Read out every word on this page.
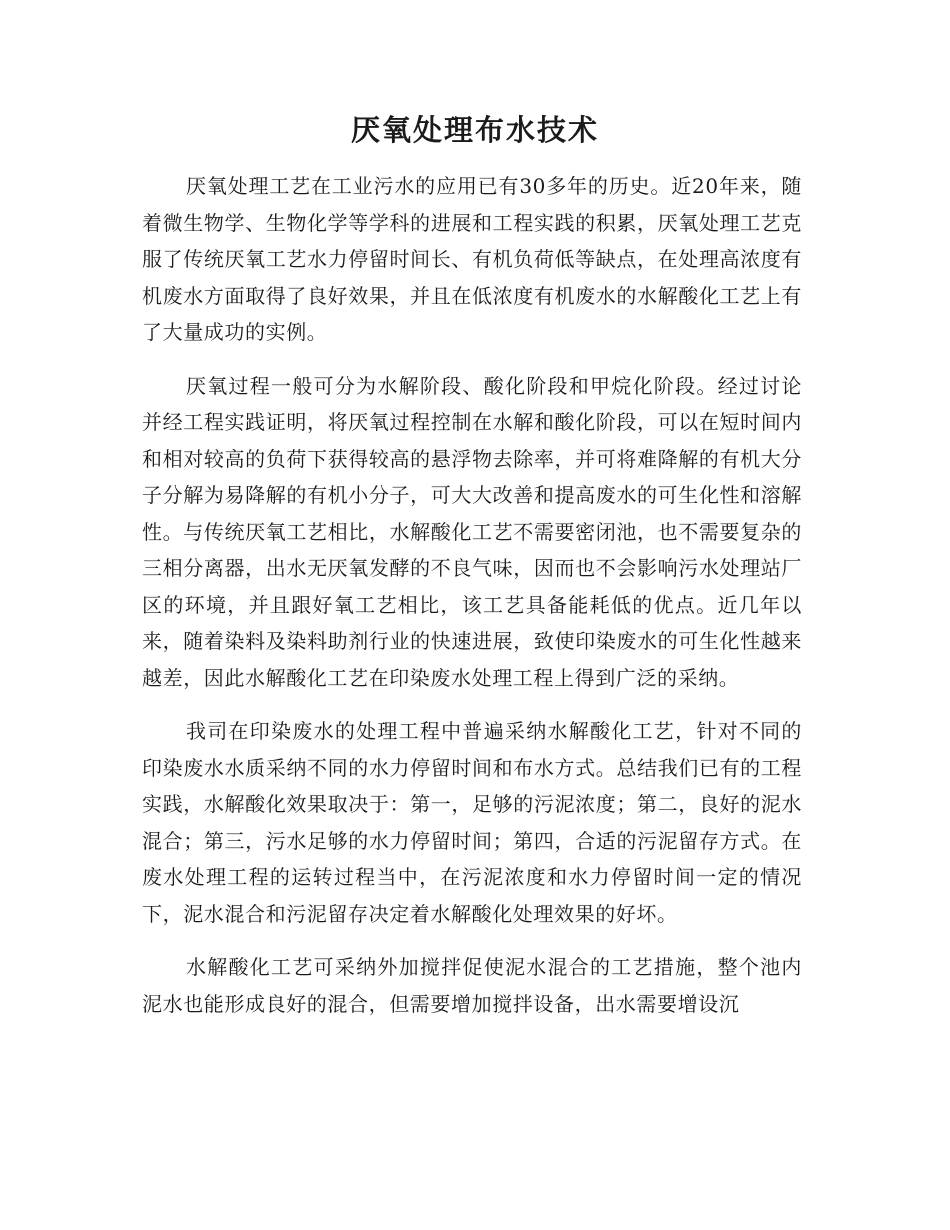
厌氧处理布水技术

厌氧处理工艺在工业污水的应用已有30多年的历史。近20年来，随着微生物学、生物化学等学科的进展和工程实践的积累，厌氧处理工艺克服了传统厌氧工艺水力停留时间长、有机负荷低等缺点，在处理高浓度有机废水方面取得了良好效果，并且在低浓度有机废水的水解酸化工艺上有了大量成功的实例。

厌氧过程一般可分为水解阶段、酸化阶段和甲烷化阶段。经过讨论并经工程实践证明，将厌氧过程控制在水解和酸化阶段，可以在短时间内和相对较高的负荷下获得较高的悬浮物去除率，并可将难降解的有机大分子分解为易降解的有机小分子，可大大改善和提高废水的可生化性和溶解性。与传统厌氧工艺相比，水解酸化工艺不需要密闭池，也不需要复杂的三相分离器，出水无厌氧发酵的不良气味，因而也不会影响污水处理站厂区的环境，并且跟好氧工艺相比，该工艺具备能耗低的优点。近几年以来，随着染料及染料助剂行业的快速进展，致使印染废水的可生化性越来越差，因此水解酸化工艺在印染废水处理工程上得到广泛的采纳。

我司在印染废水的处理工程中普遍采纳水解酸化工艺，针对不同的印染废水水质采纳不同的水力停留时间和布水方式。总结我们已有的工程实践，水解酸化效果取决于：第一，足够的污泥浓度；第二，良好的泥水混合；第三，污水足够的水力停留时间；第四，合适的污泥留存方式。在废水处理工程的运转过程当中，在污泥浓度和水力停留时间一定的情况下，泥水混合和污泥留存决定着水解酸化处理效果的好坏。

水解酸化工艺可采纳外加搅拌促使泥水混合的工艺措施，整个池内泥水也能形成良好的混合，但需要增加搅拌设备，出水需要增设沉
